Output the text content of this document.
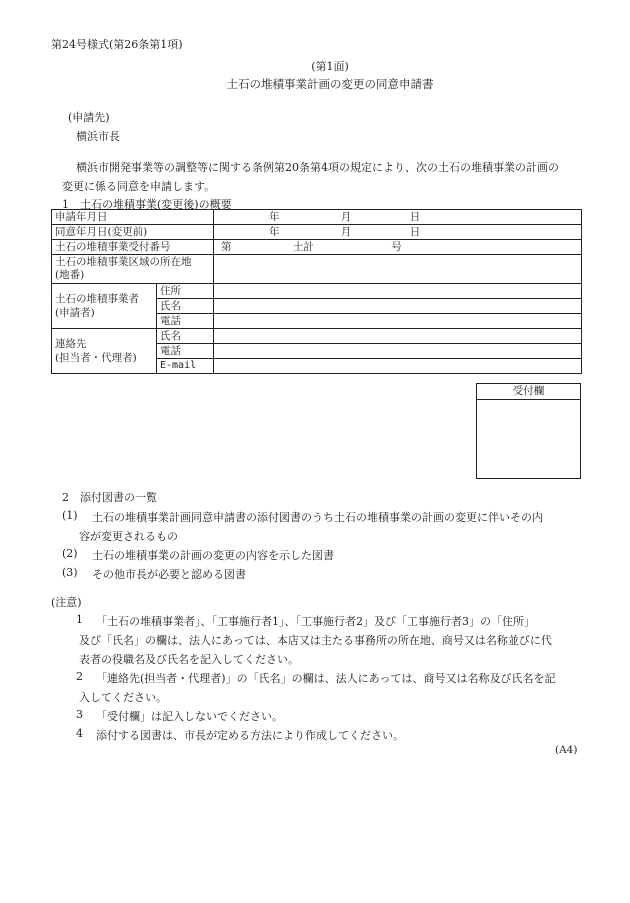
第24号様式(第26条第1項)
(第1面)
土石の堆積事業計画の変更の同意申請書
(申請先)
横浜市長
横浜市開発事業等の調整等に関する条例第20条第4項の規定により、次の土石の堆積事業の計画の
変更に係る同意を申請します。
1　土石の堆積事業(変更後)の概要
申請年月日		年 月 日
同意年月日(変更前)		年 月 日
土石の堆積事業受付番号		第 土計 号

土石の堆積事業区域の所在地
(地番)		

土石の堆積事業者
(申請者)	住所	
	氏名	
	電話	

連絡先
(担当者・代理者)	氏名	
	電話	
	E-mail	
受付欄
2　添付図書の一覧
(1) 土石の堆積事業計画同意申請書の添付図書のうち土石の堆積事業の計画の変更に伴いその内
容が変更されるもの
(2) 土石の堆積事業の計画の変更の内容を示した図書
(3) その他市長が必要と認める図書
(注意)
1 「土石の堆積事業者」、「工事施行者1」、「工事施行者2」及び「工事施行者3」の「住所」
及び「氏名」の欄は、法人にあっては、本店又は主たる事務所の所在地、商号又は名称並びに代
表者の役職名及び氏名を記入してください。
2 「連絡先(担当者・代理者)」の「氏名」の欄は、法人にあっては、商号又は名称及び氏名を記
入してください。
3 「受付欄」は記入しないでください。
4 添付する図書は、市長が定める方法により作成してください。
(A4)
